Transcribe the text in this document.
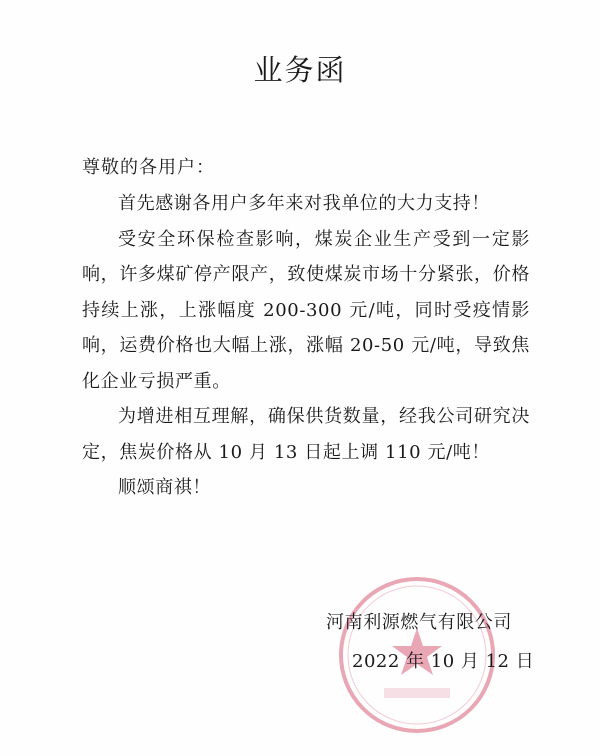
业务函
尊敬的各用户：

首先感谢各用户多年来对我单位的大力支持！

受安全环保检查影响，煤炭企业生产受到一定影响，许多煤矿停产限产，致使煤炭市场十分紧张，价格持续上涨，上涨幅度 200-300 元/吨，同时受疫情影响，运费价格也大幅上涨，涨幅 20-50 元/吨，导致焦化企业亏损严重。

为增进相互理解，确保供货数量，经我公司研究决定，焦炭价格从 10 月 13 日起上调 110 元/吨！

顺颂商祺！

河南利源燃气有限公司
2022 年 10 月 12 日
